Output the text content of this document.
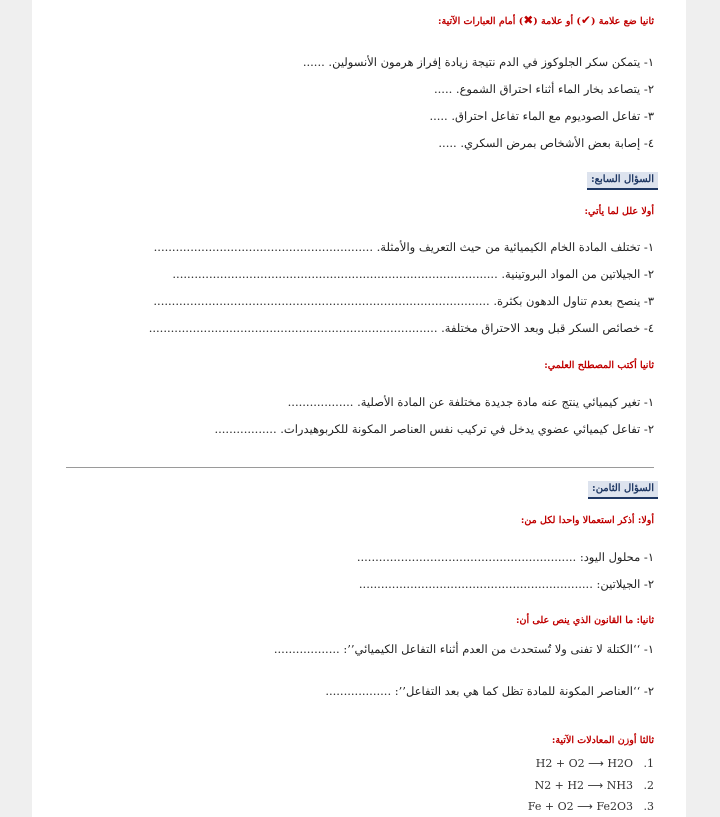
ثانيا ضع علامة (✔) أو علامة (✖) أمام العبارات الآتية:
١- يتمكن سكر الجلوكوز في الدم نتيجة زيادة إفراز هرمون الأنسولين. ......
٢- يتصاعد بخار الماء أثناء احتراق الشموع. .....
٣- تفاعل الصوديوم مع الماء تفاعل احتراق. .....
٤- إصابة بعض الأشخاص بمرض السكري. .....
السؤال السابع:
أولا علل لما يأتي:
١- تختلف المادة الخام الكيميائية من حيث التعريف والأمثلة. ............................................................
٢- الجيلاتين من المواد البروتينية. .........................................................................................
٣- ينصح بعدم تناول الدهون بكثرة. ............................................................................................
٤- خصائص السكر قبل وبعد الاحتراق مختلفة. ...............................................................................
ثانيا أكتب المصطلح العلمي:
١- تغير كيميائي ينتج عنه مادة جديدة مختلفة عن المادة الأصلية. ..................
٢- تفاعل كيميائي عضوي يدخل في تركيب نفس العناصر المكونة للكربوهيدرات. .................
السؤال الثامن:
أولا: أذكر استعمالا واحدا لكل من:
١- محلول اليود: ............................................................
٢- الجيلاتين: ................................................................
ثانيا: ما القانون الذي ينص على أن:
١- ‘‘الكتلة لا تفنى ولا تُستحدث من العدم أثناء التفاعل الكيميائي’’: ..................
٢- ‘‘العناصر المكونة للمادة تظل كما هي بعد التفاعل’’: ..................
ثالثا أوزن المعادلات الآتية:
H2 + O2 ⟶ H2O .1
N2 + H2 ⟶ NH3 .2
Fe + O2 ⟶ Fe2O3 .3
